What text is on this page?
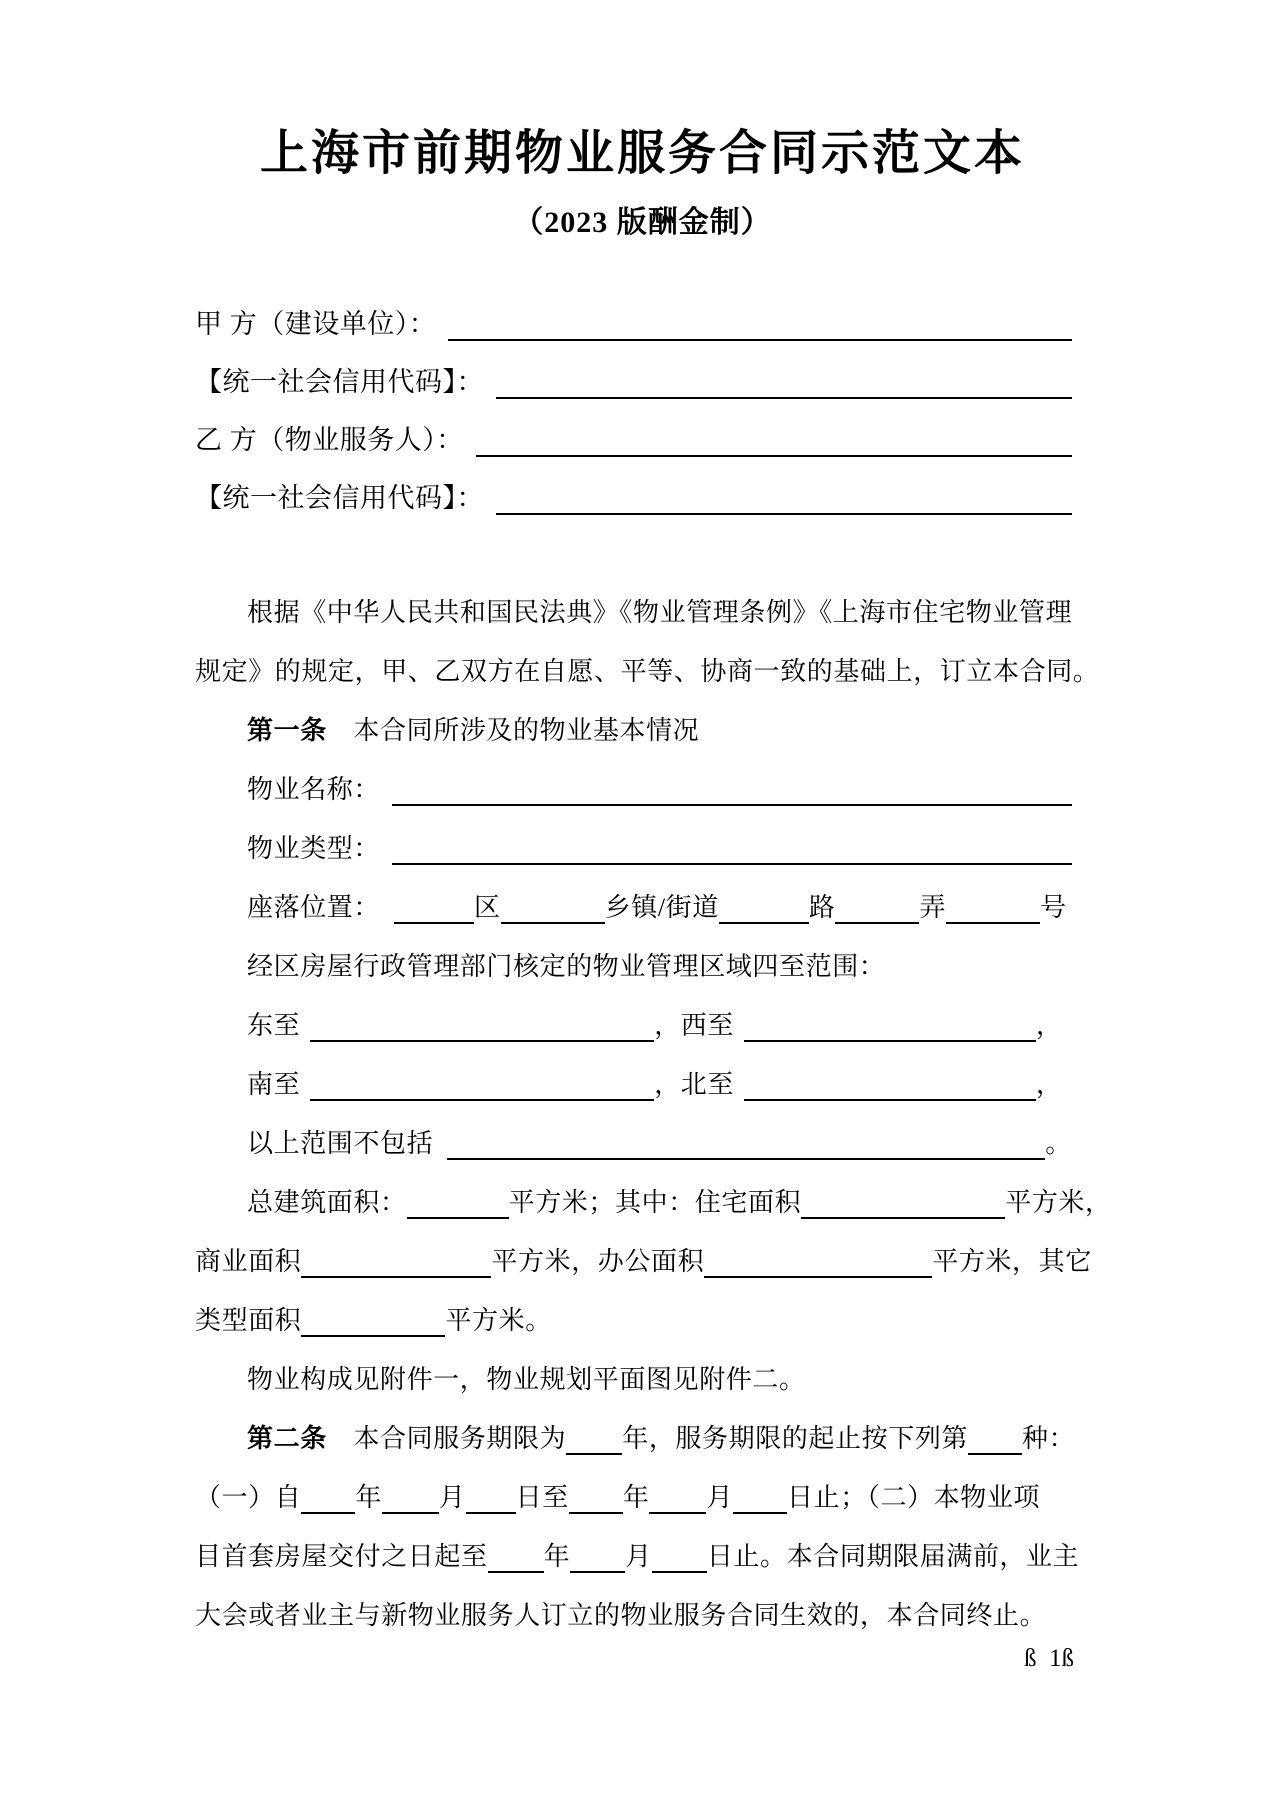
上海市前期物业服务合同示范文本
（2023 版酬金制）
甲 方（建设单位）：
【统一社会信用代码】：
乙 方（物业服务人）：
【统一社会信用代码】：
根据《中华人民共和国民法典》《物业管理条例》《上海市住宅物业管理
规定》的规定，甲、乙双方在自愿、平等、协商一致的基础上，订立本合同。
第一条 　本合同所涉及的物业基本情况
物业名称：
物业类型：
座落位置：	区	乡镇/街道	路	弄	号
经区房屋行政管理部门核定的物业管理区域四至范围：
东至	，西至	，
南至	，北至	，
以上范围不包括	。
总建筑面积：	平方米；其中：住宅面积	平方米，
商业面积	平方米，办公面积	平方米，其它
类型面积	平方米。
物业构成见附件一，物业规划平面图见附件二。
第二条 　本合同服务期限为 年，服务期限的起止按下列第 种：
（一）自 年 月 日至 年 月 日止；（二）本物业项
目首套房屋交付之日起至 年 月 日止。本合同期限届满前，业主
大会或者业主与新物业服务人订立的物业服务合同生效的，本合同终止。
ß  1ß
